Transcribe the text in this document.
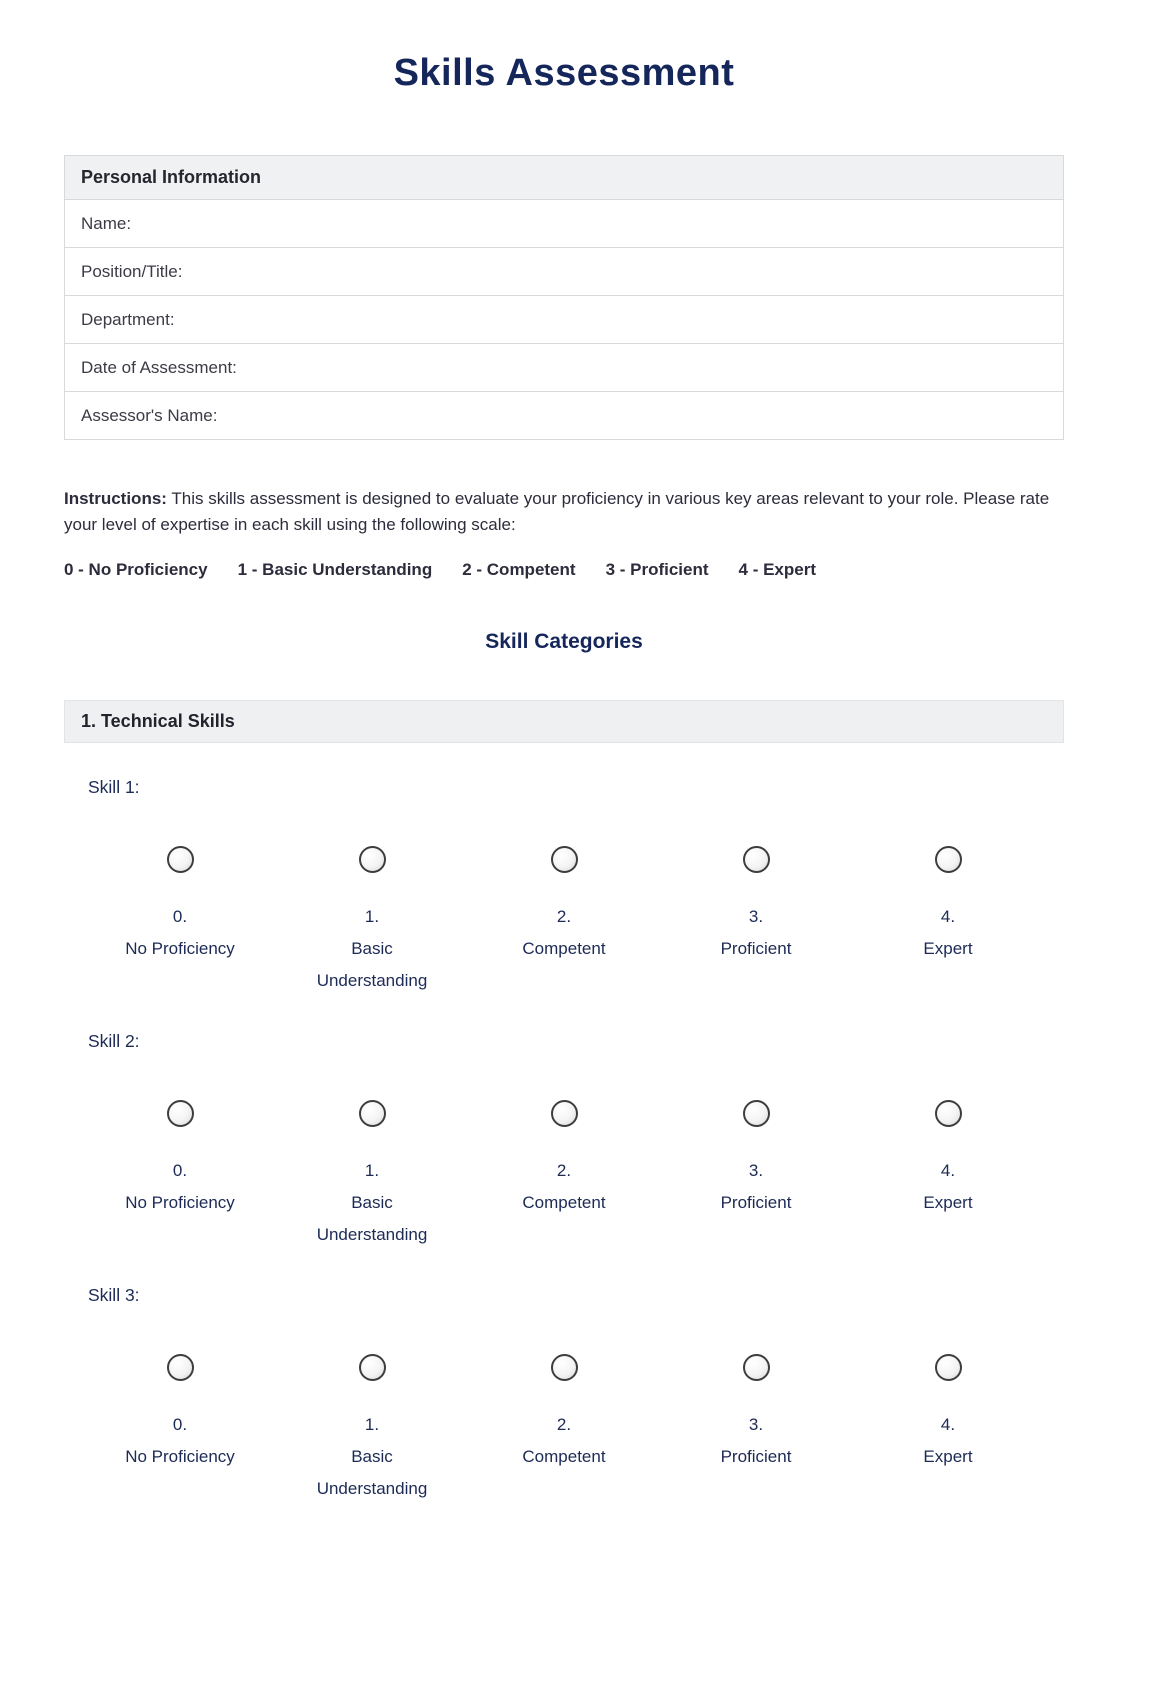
Skills Assessment
Personal Information
Name:
Position/Title:
Department:
Date of Assessment:
Assessor's Name:

Instructions: This skills assessment is designed to evaluate your proficiency in various key areas relevant to your role. Please rate your level of expertise in each skill using the following scale:

0 - No Proficiency 1 - Basic Understanding 2 - Competent 3 - Proficient 4 - Expert
Skill Categories
1. Technical Skills
Skill 1:
0.
No Proficiency
1.
Basic Understanding
2.
Competent
3.
Proficient
4.
Expert
Skill 2:
0.
No Proficiency
1.
Basic Understanding
2.
Competent
3.
Proficient
4.
Expert
Skill 3:
0.
No Proficiency
1.
Basic Understanding
2.
Competent
3.
Proficient
4.
Expert
